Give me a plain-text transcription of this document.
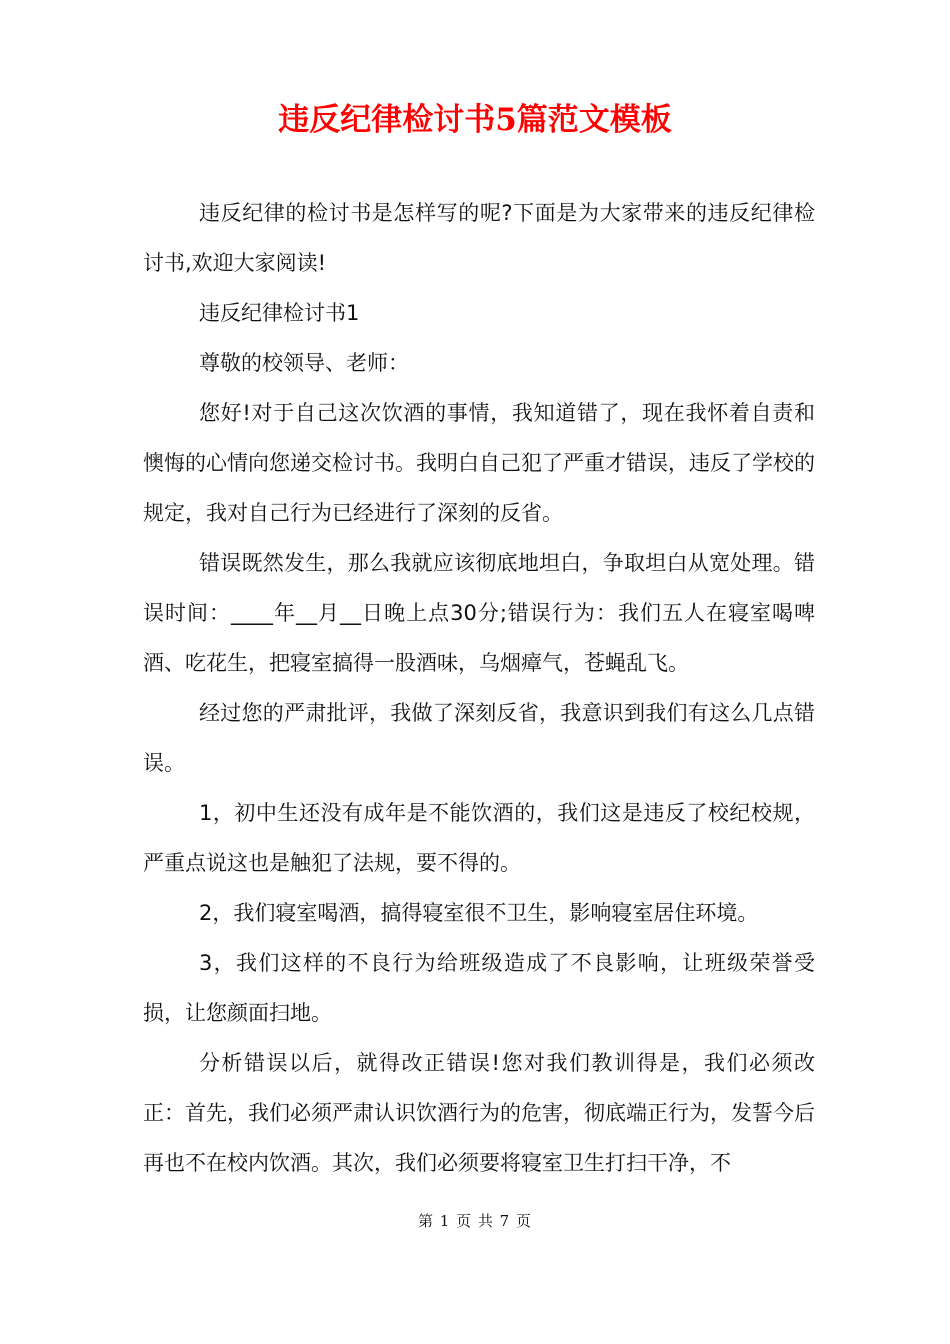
违反纪律检讨书5篇范文模板

违反纪律的检讨书是怎样写的呢?下面是为大家带来的违反纪律检讨书,欢迎大家阅读!

违反纪律检讨书1

尊敬的校领导、老师：

您好!对于自己这次饮酒的事情，我知道错了，现在我怀着自责和懊悔的心情向您递交检讨书。我明白自己犯了严重才错误，违反了学校的规定，我对自己行为已经进行了深刻的反省。

错误既然发生，那么我就应该彻底地坦白，争取坦白从宽处理。错误时间：____年__月__日晚上点30分;错误行为：我们五人在寝室喝啤酒、吃花生，把寝室搞得一股酒味，乌烟瘴气，苍蝇乱飞。

经过您的严肃批评，我做了深刻反省，我意识到我们有这么几点错误。

1，初中生还没有成年是不能饮酒的，我们这是违反了校纪校规，严重点说这也是触犯了法规，要不得的。

2，我们寝室喝酒，搞得寝室很不卫生，影响寝室居住环境。

3，我们这样的不良行为给班级造成了不良影响，让班级荣誉受损，让您颜面扫地。

分析错误以后，就得改正错误!您对我们教训得是，我们必须改正：首先，我们必须严肃认识饮酒行为的危害，彻底端正行为，发誓今后再也不在校内饮酒。其次，我们必须要将寝室卫生打扫干净，不

第 1 页 共 7 页
